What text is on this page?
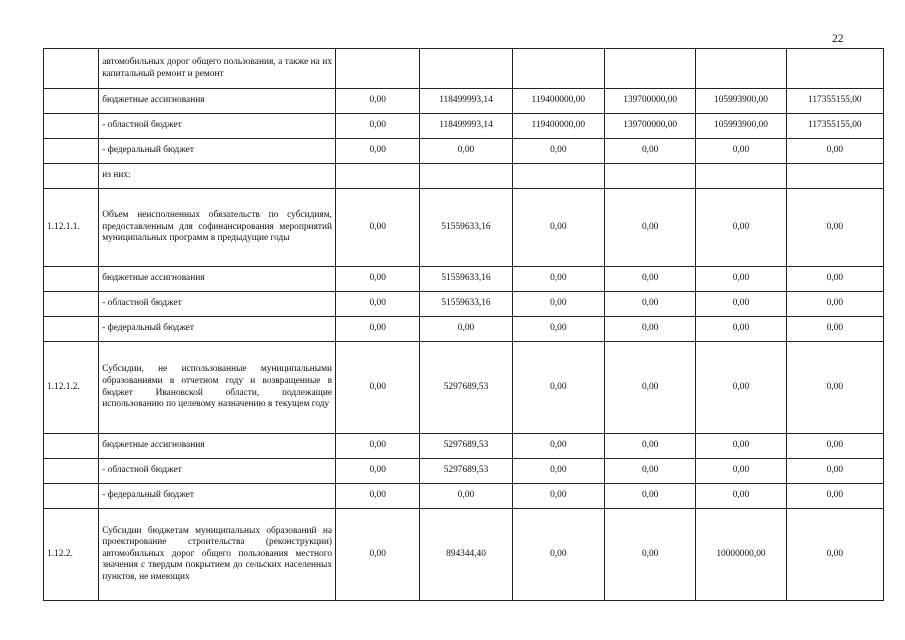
22
	автомобильных дорог общего пользования, а также на их капитальный ремонт и ремонт						
	бюджетные ассигнования	0,00	118499993,14	119400000,00	139700000,00	105993900,00	117355155,00
	- областной бюджет	0,00	118499993,14	119400000,00	139700000,00	105993900,00	117355155,00
	- федеральный бюджет	0,00	0,00	0,00	0,00	0,00	0,00
	из них:						
1.12.1.1.	Объем неисполненных обязательств по субсидиям, предоставленным для софинансирования мероприятий муниципальных программ в предыдущие годы	0,00	51559633,16	0,00	0,00	0,00	0,00
	бюджетные ассигнования	0,00	51559633,16	0,00	0,00	0,00	0,00
	- областной бюджет	0,00	51559633,16	0,00	0,00	0,00	0,00
	- федеральный бюджет	0,00	0,00	0,00	0,00	0,00	0,00
1.12.1.2.	Субсидии, не использованные муниципальными образованиями в отчетном году и возвращенные в бюджет Ивановской области, подлежащие использованию по целевому назначению в текущем году	0,00	5297689,53	0,00	0,00	0,00	0,00
	бюджетные ассигнования	0,00	5297689,53	0,00	0,00	0,00	0,00
	- областной бюджет	0,00	5297689,53	0,00	0,00	0,00	0,00
	- федеральный бюджет	0,00	0,00	0,00	0,00	0,00	0,00
1.12.2.	Субсидии бюджетам муниципальных образований на проектирование строительства (реконструкции) автомобильных дорог общего пользования местного значения с твердым покрытием до сельских населенных пунктов, не имеющих	0,00	894344,40	0,00	0,00	10000000,00	0,00
